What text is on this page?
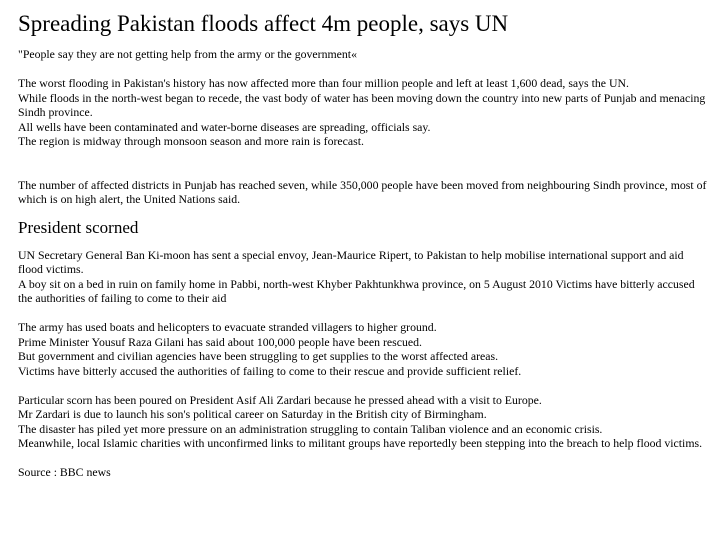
Spreading Pakistan floods affect 4m people, says UN

"People say they are not getting help from the army or the government«

The worst flooding in Pakistan's history has now affected more than four million people and left at least 1,600 dead, says the UN.

While floods in the north-west began to recede, the vast body of water has been moving down the country into new parts of Punjab and menacing Sindh province.

All wells have been contaminated and water-borne diseases are spreading, officials say.

The region is midway through monsoon season and more rain is forecast.

The number of affected districts in Punjab has reached seven, while 350,000 people have been moved from neighbouring Sindh province, most of which is on high alert, the United Nations said.

President scorned

UN Secretary General Ban Ki-moon has sent a special envoy, Jean-Maurice Ripert, to Pakistan to help mobilise international support and aid flood victims.

A boy sit on a bed in ruin on family home in Pabbi, north-west Khyber Pakhtunkhwa province, on 5 August 2010 Victims have bitterly accused the authorities of failing to come to their aid

The army has used boats and helicopters to evacuate stranded villagers to higher ground.

Prime Minister Yousuf Raza Gilani has said about 100,000 people have been rescued.

But government and civilian agencies have been struggling to get supplies to the worst affected areas.

Victims have bitterly accused the authorities of failing to come to their rescue and provide sufficient relief.

Particular scorn has been poured on President Asif Ali Zardari because he pressed ahead with a visit to Europe.

Mr Zardari is due to launch his son's political career on Saturday in the British city of Birmingham.

The disaster has piled yet more pressure on an administration struggling to contain Taliban violence and an economic crisis.

Meanwhile, local Islamic charities with unconfirmed links to militant groups have reportedly been stepping into the breach to help flood victims.

Source : BBC news
